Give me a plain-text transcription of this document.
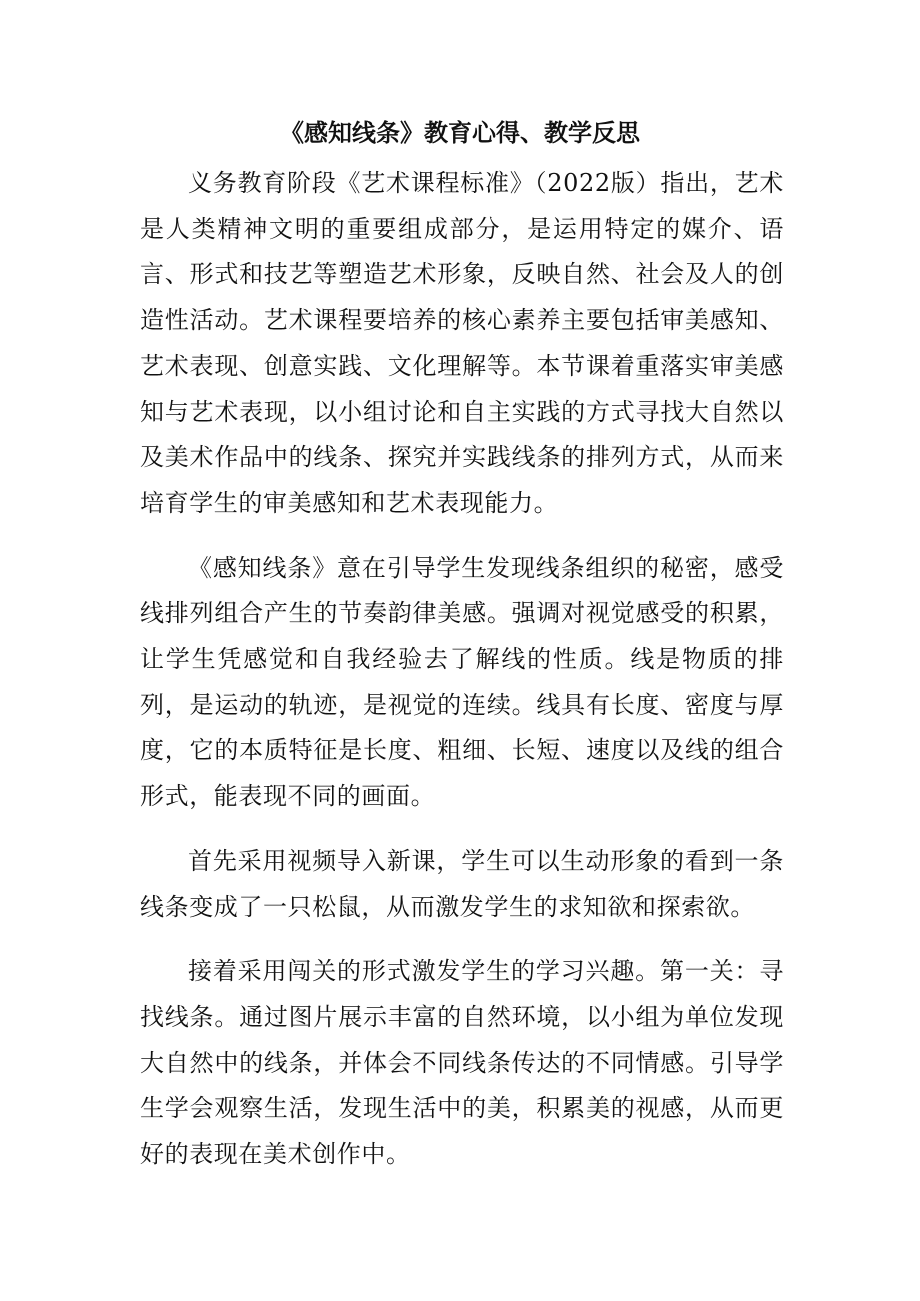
《感知线条》教育心得、教学反思

义务教育阶段《艺术课程标准》（2022版）指出，艺术是人类精神文明的重要组成部分，是运用特定的媒介、语言、形式和技艺等塑造艺术形象，反映自然、社会及人的创造性活动。艺术课程要培养的核心素养主要包括审美感知、艺术表现、创意实践、文化理解等。本节课着重落实审美感知与艺术表现，以小组讨论和自主实践的方式寻找大自然以及美术作品中的线条、探究并实践线条的排列方式，从而来培育学生的审美感知和艺术表现能力。

《感知线条》意在引导学生发现线条组织的秘密，感受线排列组合产生的节奏韵律美感。强调对视觉感受的积累，让学生凭感觉和自我经验去了解线的性质。线是物质的排列，是运动的轨迹，是视觉的连续。线具有长度、密度与厚度，它的本质特征是长度、粗细、长短、速度以及线的组合形式，能表现不同的画面。

首先采用视频导入新课，学生可以生动形象的看到一条线条变成了一只松鼠，从而激发学生的求知欲和探索欲。

接着采用闯关的形式激发学生的学习兴趣。第一关：寻找线条。通过图片展示丰富的自然环境，以小组为单位发现大自然中的线条，并体会不同线条传达的不同情感。引导学生学会观察生活，发现生活中的美，积累美的视感，从而更好的表现在美术创作中。
